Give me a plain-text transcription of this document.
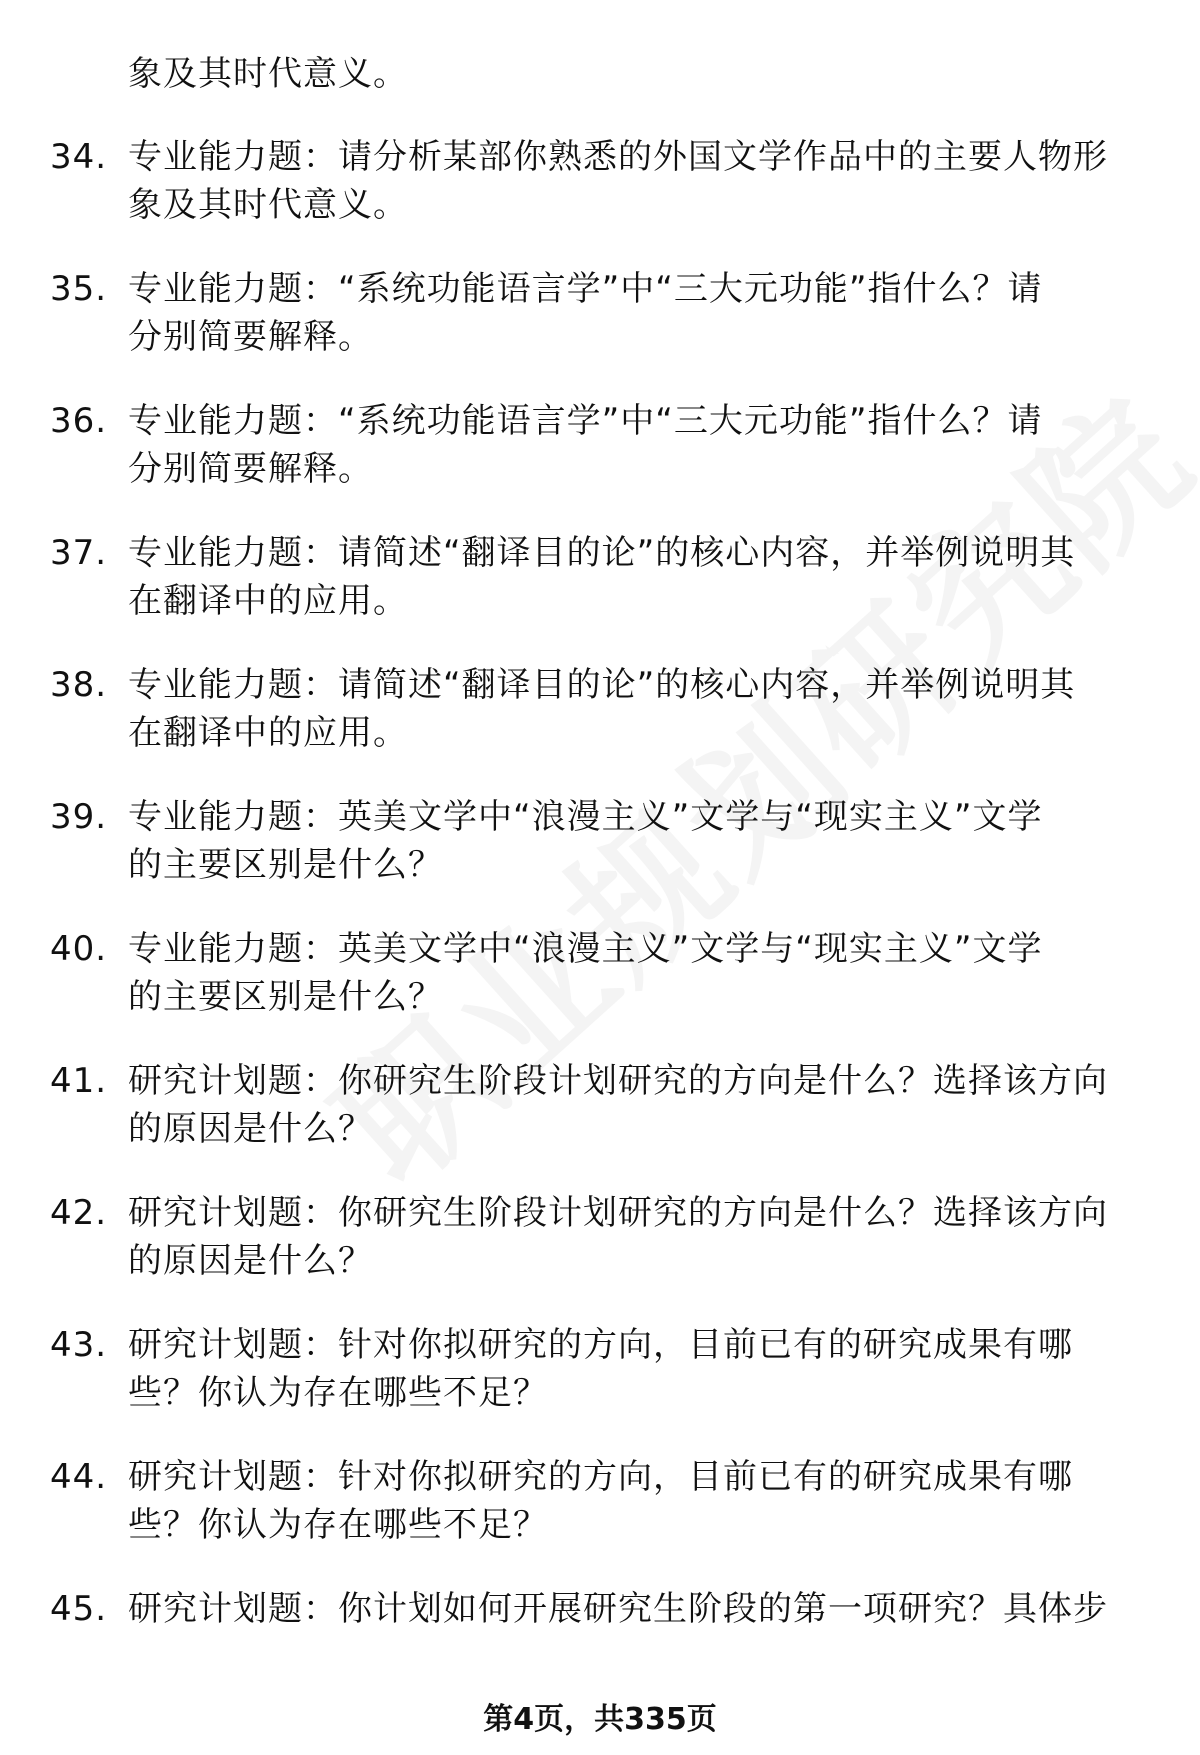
象及其时代意义。
34. 专业能力题：请分析某部你熟悉的外国文学作品中的主要人物形
象及其时代意义。
35. 专业能力题：“系统功能语言学”中“三大元功能”指什么？请
分别简要解释。
36. 专业能力题：“系统功能语言学”中“三大元功能”指什么？请
分别简要解释。
37. 专业能力题：请简述“翻译目的论”的核心内容，并举例说明其
在翻译中的应用。
38. 专业能力题：请简述“翻译目的论”的核心内容，并举例说明其
在翻译中的应用。
39. 专业能力题：英美文学中“浪漫主义”文学与“现实主义”文学
的主要区别是什么？
40. 专业能力题：英美文学中“浪漫主义”文学与“现实主义”文学
的主要区别是什么？
41. 研究计划题：你研究生阶段计划研究的方向是什么？选择该方向
的原因是什么？
42. 研究计划题：你研究生阶段计划研究的方向是什么？选择该方向
的原因是什么？
43. 研究计划题：针对你拟研究的方向，目前已有的研究成果有哪
些？你认为存在哪些不足？
44. 研究计划题：针对你拟研究的方向，目前已有的研究成果有哪
些？你认为存在哪些不足？
45. 研究计划题：你计划如何开展研究生阶段的第一项研究？具体步
第4页，共335页
